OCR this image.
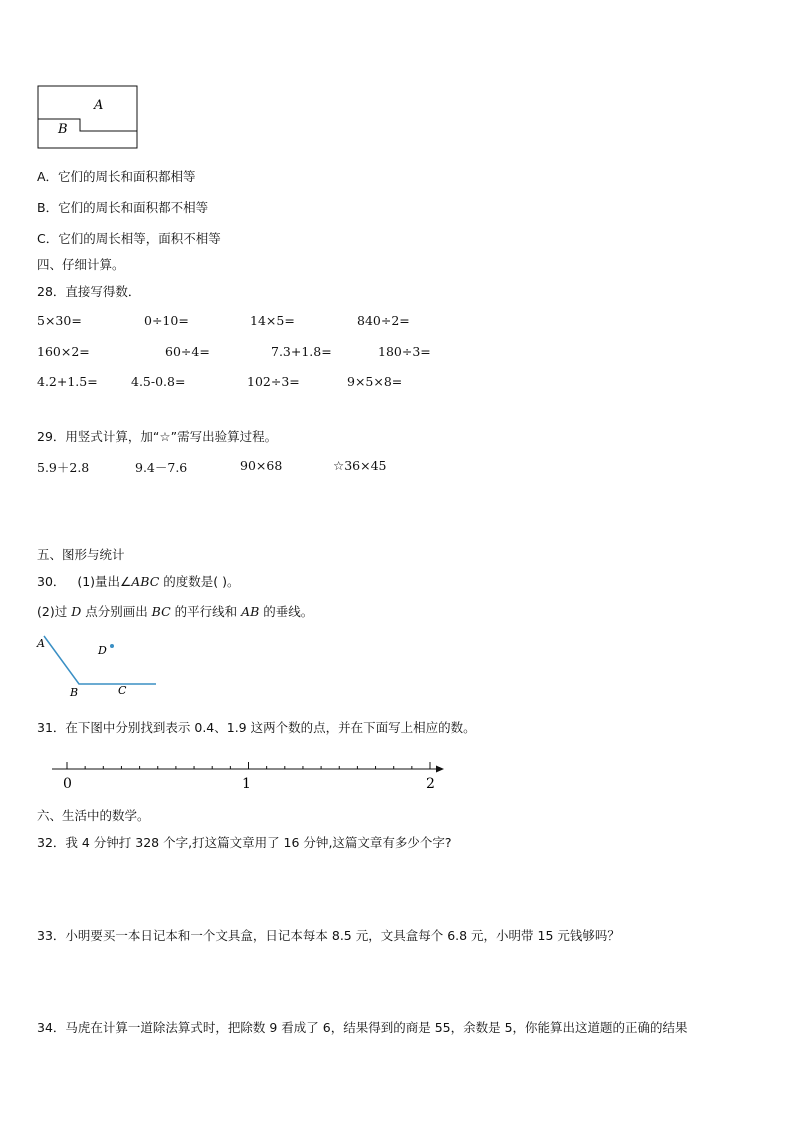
A
B
A．它们的周长和面积都相等
B．它们的周长和面积都不相等
C．它们的周长相等，面积不相等
四、仔细计算。
28．直接写得数．
5×30=	0÷10=	14×5=	840÷2=
160×2=	60÷4=	7.3+1.8=	180÷3=
4.2+1.5=	4.5-0.8=	102÷3=	9×5×8=
29．用竖式计算，加“☆”需写出验算过程。
5.9＋2.8	9.4－7.6	90×68	☆36×45
五、图形与统计
30． (1)量出∠ABC 的度数是( )。
(2)过 D 点分别画出 BC 的平行线和 AB 的垂线。
A
D
B	C
31．在下图中分别找到表示 0.4、1.9 这两个数的点，并在下面写上相应的数。
0	1	2
六、生活中的数学。
32．我 4 分钟打 328 个字,打这篇文章用了 16 分钟,这篇文章有多少个字?
33．小明要买一本日记本和一个文具盒，日记本每本 8.5 元，文具盒每个 6.8 元，小明带 15 元钱够吗？
34．马虎在计算一道除法算式时，把除数 9 看成了 6，结果得到的商是 55，余数是 5，你能算出这道题的正确的结果
